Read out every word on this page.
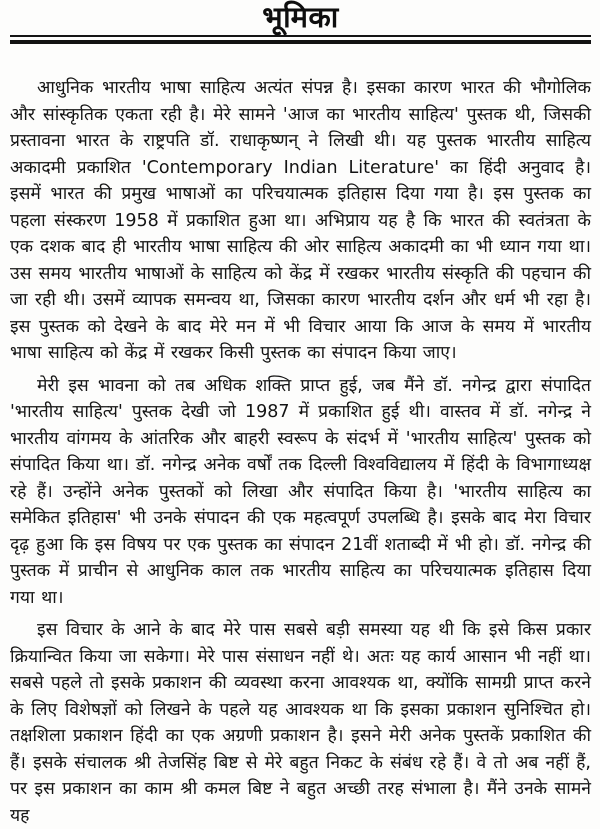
भूमिका

आधुनिक भारतीय भाषा साहित्य अत्यंत संपन्न है। इसका कारण भारत की भौगोलिक और सांस्कृतिक एकता रही है। मेरे सामने 'आज का भारतीय साहित्य' पुस्तक थी, जिसकी प्रस्तावना भारत के राष्ट्रपति डॉ. राधाकृष्णन् ने लिखी थी। यह पुस्तक भारतीय साहित्य अकादमी प्रकाशित 'Contemporary Indian Literature' का हिंदी अनुवाद है। इसमें भारत की प्रमुख भाषाओं का परिचयात्मक इतिहास दिया गया है। इस पुस्तक का पहला संस्करण 1958 में प्रकाशित हुआ था। अभिप्राय यह है कि भारत की स्वतंत्रता के एक दशक बाद ही भारतीय भाषा साहित्य की ओर साहित्य अकादमी का भी ध्यान गया था। उस समय भारतीय भाषाओं के साहित्य को केंद्र में रखकर भारतीय संस्कृति की पहचान की जा रही थी। उसमें व्यापक समन्वय था, जिसका कारण भारतीय दर्शन और धर्म भी रहा है। इस पुस्तक को देखने के बाद मेरे मन में भी विचार आया कि आज के समय में भारतीय भाषा साहित्य को केंद्र में रखकर किसी पुस्तक का संपादन किया जाए।

मेरी इस भावना को तब अधिक शक्ति प्राप्त हुई, जब मैंने डॉ. नगेन्द्र द्वारा संपादित 'भारतीय साहित्य' पुस्तक देखी जो 1987 में प्रकाशित हुई थी। वास्तव में डॉ. नगेन्द्र ने भारतीय वांगमय के आंतरिक और बाहरी स्वरूप के संदर्भ में 'भारतीय साहित्य' पुस्तक को संपादित किया था। डॉ. नगेन्द्र अनेक वर्षों तक दिल्ली विश्वविद्यालय में हिंदी के विभागाध्यक्ष रहे हैं। उन्होंने अनेक पुस्तकों को लिखा और संपादित किया है। 'भारतीय साहित्य का समेकित इतिहास' भी उनके संपादन की एक महत्वपूर्ण उपलब्धि है। इसके बाद मेरा विचार दृढ़ हुआ कि इस विषय पर एक पुस्तक का संपादन 21वीं शताब्दी में भी हो। डॉ. नगेन्द्र की पुस्तक में प्राचीन से आधुनिक काल तक भारतीय साहित्य का परिचयात्मक इतिहास दिया गया था।

इस विचार के आने के बाद मेरे पास सबसे बड़ी समस्या यह थी कि इसे किस प्रकार क्रियान्वित किया जा सकेगा। मेरे पास संसाधन नहीं थे। अतः यह कार्य आसान भी नहीं था। सबसे पहले तो इसके प्रकाशन की व्यवस्था करना आवश्यक था, क्योंकि सामग्री प्राप्त करने के लिए विशेषज्ञों को लिखने के पहले यह आवश्यक था कि इसका प्रकाशन सुनिश्चित हो। तक्षशिला प्रकाशन हिंदी का एक अग्रणी प्रकाशन है। इसने मेरी अनेक पुस्तकें प्रकाशित की हैं। इसके संचालक श्री तेजसिंह बिष्ट से मेरे बहुत निकट के संबंध रहे हैं। वे तो अब नहीं हैं, पर इस प्रकाशन का काम श्री कमल बिष्ट ने बहुत अच्छी तरह संभाला है। मैंने उनके सामने यह
